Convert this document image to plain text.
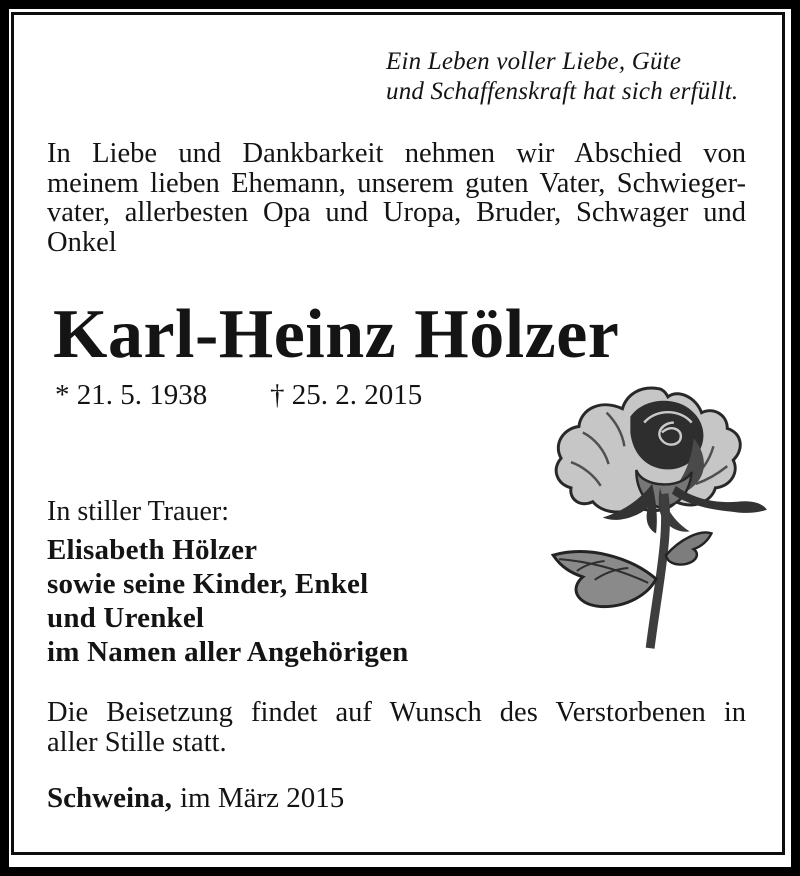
Ein Leben voller Liebe, Güte
und Schaffenskraft hat sich erfüllt.
In Liebe und Dankbarkeit nehmen wir Abschied von
meinem lieben Ehemann, unserem guten Vater, Schwieger-
vater, allerbesten Opa und Uropa, Bruder, Schwager und
Onkel
Karl-Heinz Hölzer
* 21. 5. 1938 † 25. 2. 2015
In stiller Trauer:
Elisabeth Hölzer
sowie seine Kinder, Enkel
und Urenkel
im Namen aller Angehörigen
Die Beisetzung findet auf Wunsch des Verstorbenen in
aller Stille statt.
Schweina, im März 2015
